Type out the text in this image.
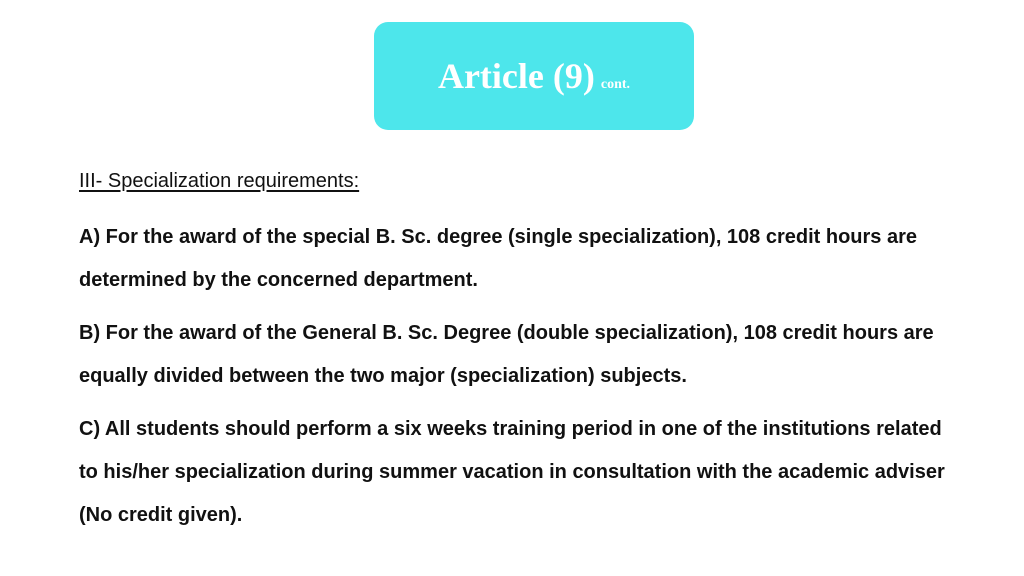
Article (9) cont.

III- Specialization requirements:

A) For the award of the special B. Sc. degree (single specialization), 108 credit hours are determined by the concerned department.

B) For the award of the General B. Sc. Degree (double specialization), 108 credit hours are equally divided between the two major (specialization) subjects.

C) All students should perform a six weeks training period in one of the institutions related to his/her specialization during summer vacation in consultation with the academic adviser (No credit given).
